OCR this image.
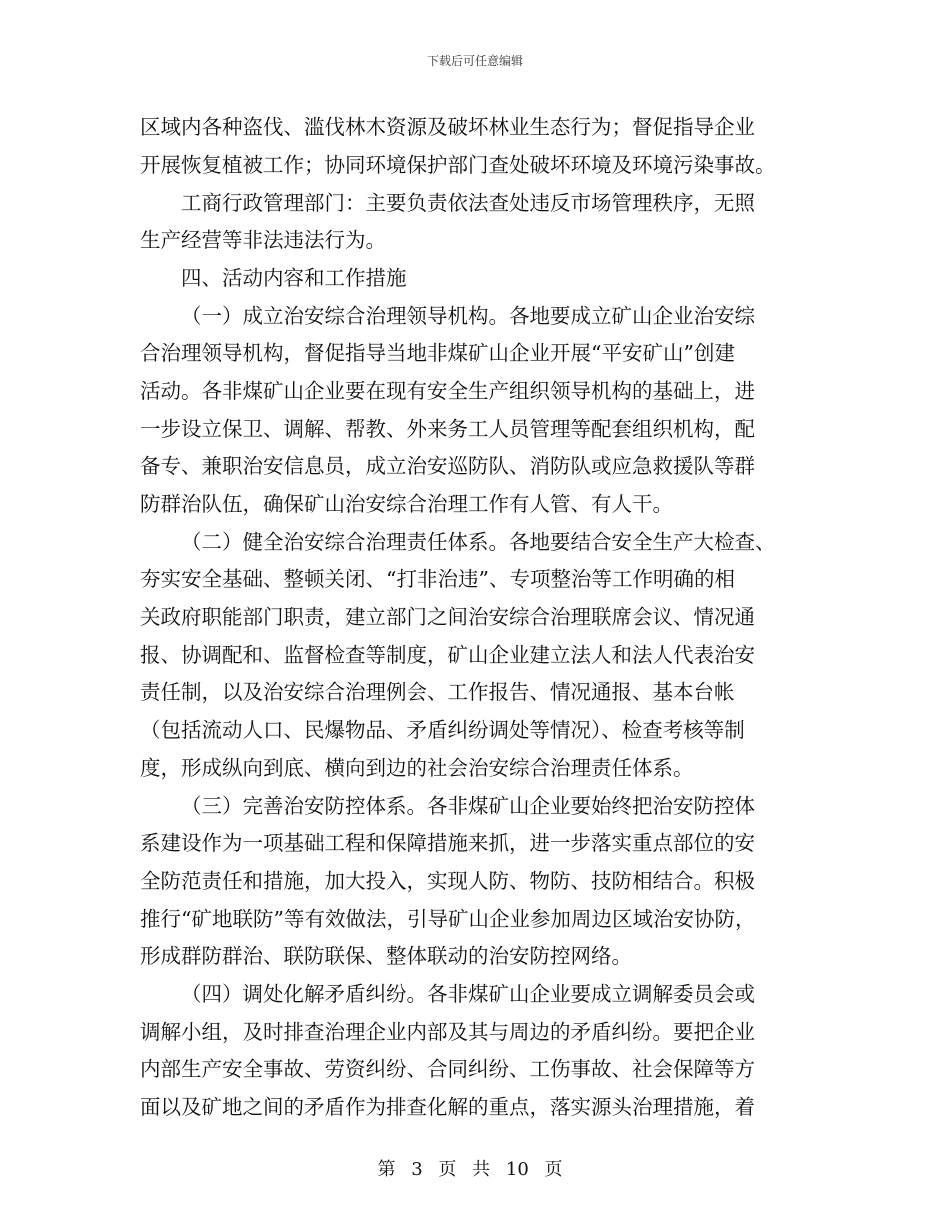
下载后可任意编辑
区域内各种盗伐、滥伐林木资源及破坏林业生态行为；督促指导企业
开展恢复植被工作；协同环境保护部门查处破坏环境及环境污染事故。
工商行政管理部门：主要负责依法查处违反市场管理秩序，无照
生产经营等非法违法行为。
四、活动内容和工作措施
（一）成立治安综合治理领导机构。各地要成立矿山企业治安综
合治理领导机构，督促指导当地非煤矿山企业开展“平安矿山”创建
活动。各非煤矿山企业要在现有安全生产组织领导机构的基础上，进
一步设立保卫、调解、帮教、外来务工人员管理等配套组织机构，配
备专、兼职治安信息员，成立治安巡防队、消防队或应急救援队等群
防群治队伍，确保矿山治安综合治理工作有人管、有人干。
（二）健全治安综合治理责任体系。各地要结合安全生产大检查、
夯实安全基础、整顿关闭、“打非治违”、专项整治等工作明确的相
关政府职能部门职责，建立部门之间治安综合治理联席会议、情况通
报、协调配和、监督检查等制度，矿山企业建立法人和法人代表治安
责任制，以及治安综合治理例会、工作报告、情况通报、基本台帐
（包括流动人口、民爆物品、矛盾纠纷调处等情况）、检查考核等制
度，形成纵向到底、横向到边的社会治安综合治理责任体系。
（三）完善治安防控体系。各非煤矿山企业要始终把治安防控体
系建设作为一项基础工程和保障措施来抓，进一步落实重点部位的安
全防范责任和措施，加大投入，实现人防、物防、技防相结合。积极
推行“矿地联防”等有效做法，引导矿山企业参加周边区域治安协防，
形成群防群治、联防联保、整体联动的治安防控网络。
（四）调处化解矛盾纠纷。各非煤矿山企业要成立调解委员会或
调解小组，及时排查治理企业内部及其与周边的矛盾纠纷。要把企业
内部生产安全事故、劳资纠纷、合同纠纷、工伤事故、社会保障等方
面以及矿地之间的矛盾作为排查化解的重点，落实源头治理措施，着
第 3 页 共 10 页
